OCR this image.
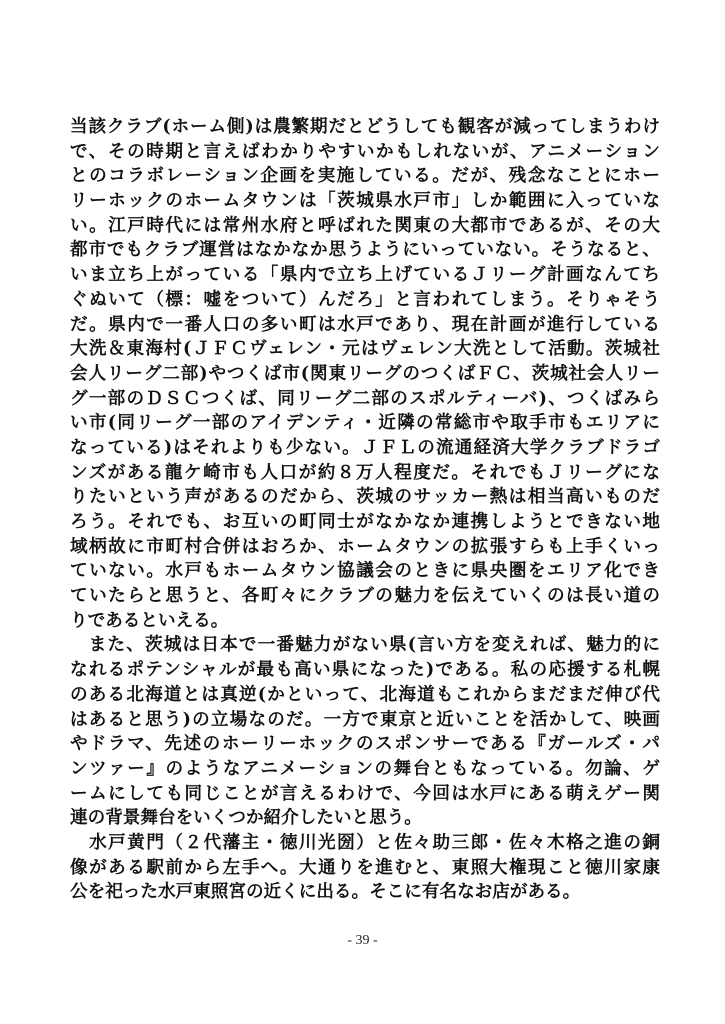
当該クラブ(ホーム側)は農繁期だとどうしても観客が減ってしまうわけ
で、その時期と言えばわかりやすいかもしれないが、アニメーション
とのコラボレーション企画を実施している。だが、残念なことにホー
リーホックのホームタウンは「茨城県水戸市」しか範囲に入っていな
い。江戸時代には常州水府と呼ばれた関東の大都市であるが、その大
都市でもクラブ運営はなかなか思うようにいっていない。そうなると、
いま立ち上がっている「県内で立ち上げているＪリーグ計画なんてち
ぐぬいて（標：嘘をついて）んだろ」と言われてしまう。そりゃそう
だ。県内で一番人口の多い町は水戸であり、現在計画が進行している
大洗＆東海村(ＪＦＣヴェレン・元はヴェレン大洗として活動。茨城社
会人リーグ二部)やつくば市(関東リーグのつくばＦＣ、茨城社会人リー
グ一部のＤＳＣつくば、同リーグ二部のスポルティーバ)、つくばみら
い市(同リーグ一部のアイデンティ・近隣の常総市や取手市もエリアに
なっている)はそれよりも少ない。ＪＦＬの流通経済大学クラブドラゴ
ンズがある龍ケ崎市も人口が約８万人程度だ。それでもＪリーグにな
りたいという声があるのだから、茨城のサッカー熱は相当高いものだ
ろう。それでも、お互いの町同士がなかなか連携しようとできない地
域柄故に市町村合併はおろか、ホームタウンの拡張すらも上手くいっ
ていない。水戸もホームタウン協議会のときに県央圏をエリア化でき
ていたらと思うと、各町々にクラブの魅力を伝えていくのは長い道の
りであるといえる。
　また、茨城は日本で一番魅力がない県(言い方を変えれば、魅力的に
なれるポテンシャルが最も高い県になった)である。私の応援する札幌
のある北海道とは真逆(かといって、北海道もこれからまだまだ伸び代
はあると思う)の立場なのだ。一方で東京と近いことを活かして、映画
やドラマ、先述のホーリーホックのスポンサーである『ガールズ・パ
ンツァー』のようなアニメーションの舞台ともなっている。勿論、ゲ
ームにしても同じことが言えるわけで、今回は水戸にある萌えゲー関
連の背景舞台をいくつか紹介したいと思う。
　水戸黄門（２代藩主・徳川光圀）と佐々助三郎・佐々木格之進の銅
像がある駅前から左手へ。大通りを進むと、東照大権現こと徳川家康
公を祀った水戸東照宮の近くに出る。そこに有名なお店がある。
- 39 -
